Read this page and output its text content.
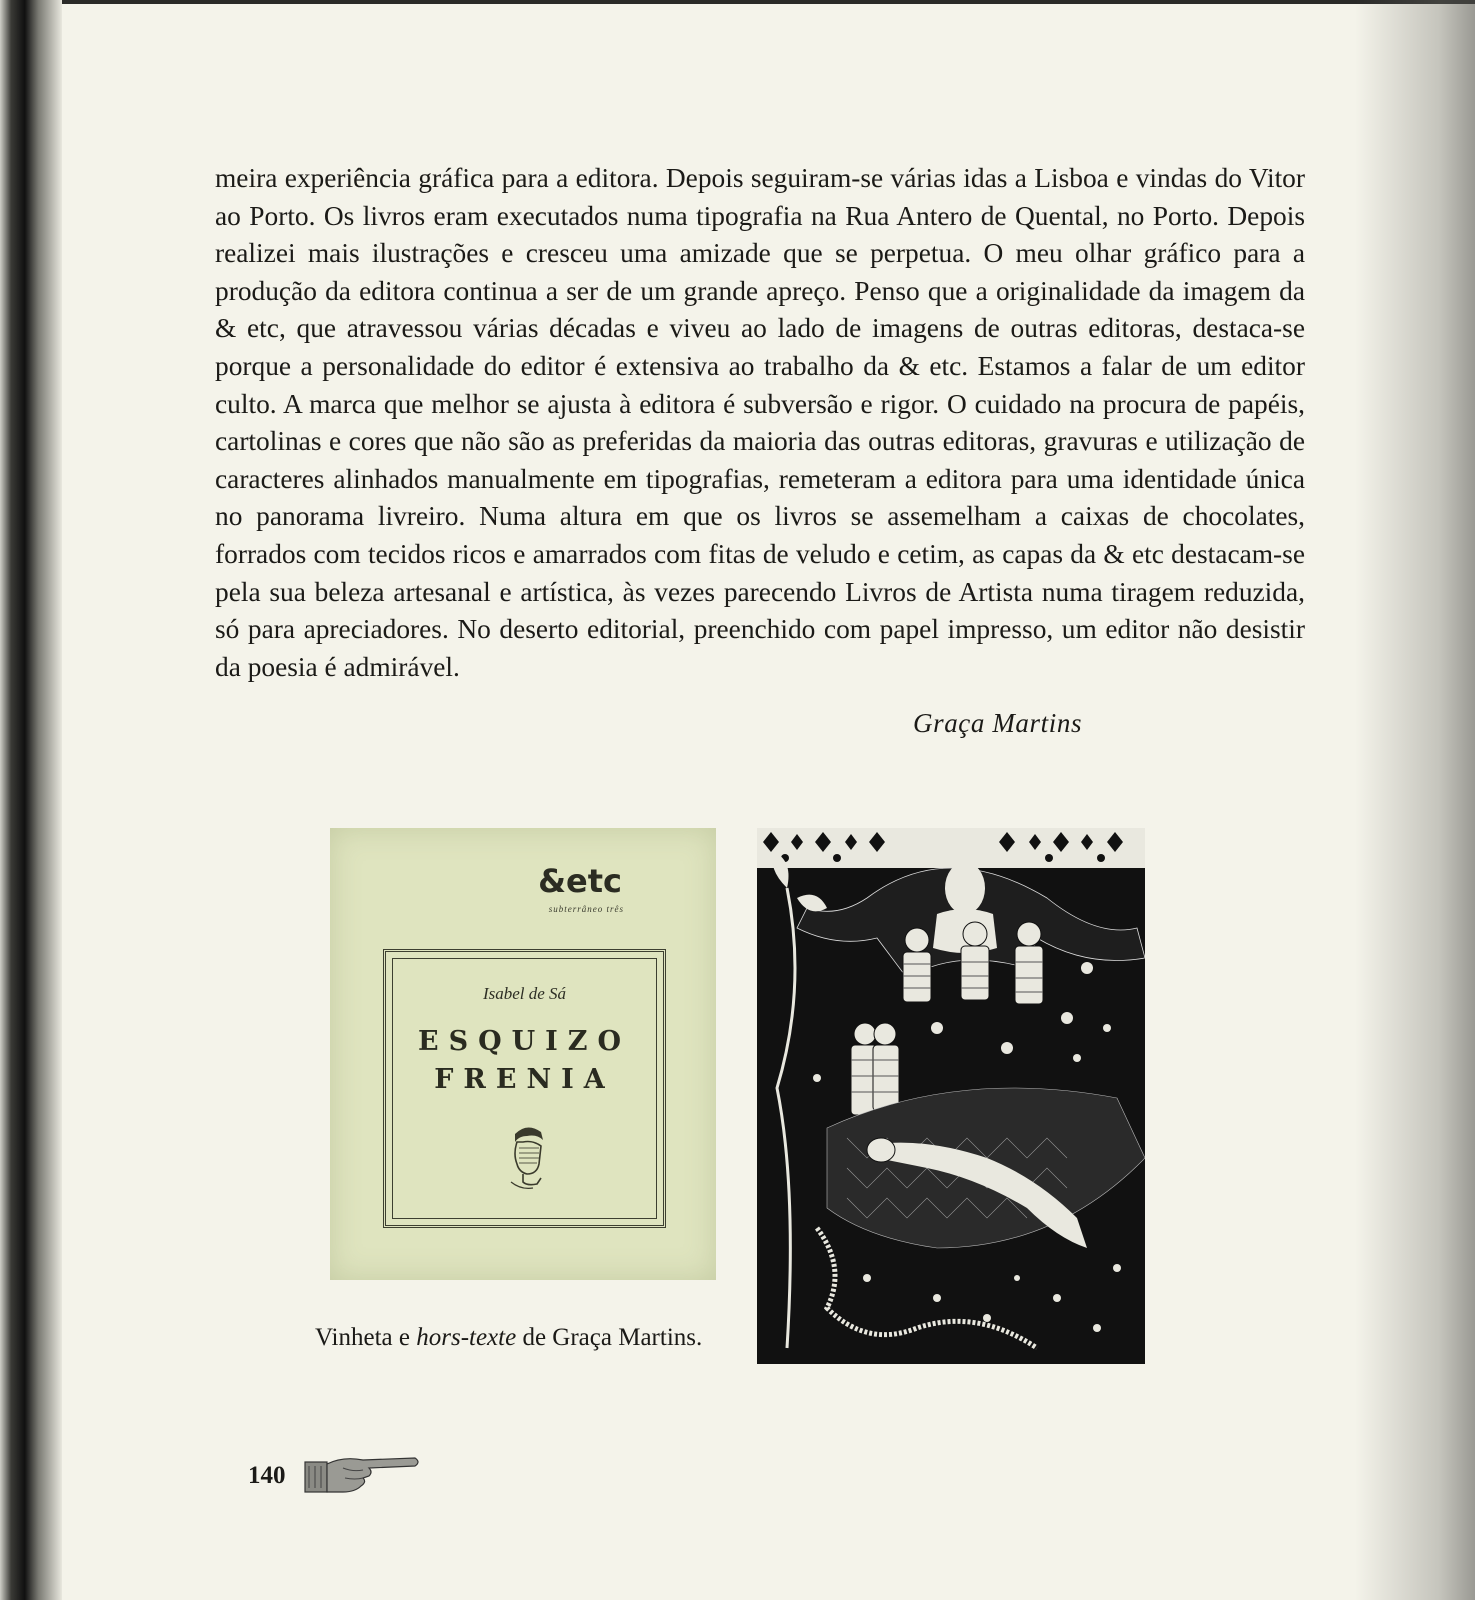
meira experiência gráfica para a editora. Depois seguiram-se várias idas a Lisboa e vindas do Vitor ao Porto. Os livros eram executados numa tipografia na Rua Antero de Quental, no Porto. Depois realizei mais ilustrações e cresceu uma amizade que se perpetua. O meu olhar gráfico para a produção da editora continua a ser de um grande apreço. Penso que a originalidade da imagem da & etc, que atravessou várias décadas e viveu ao lado de imagens de outras editoras, destaca-se porque a personalidade do editor é extensiva ao trabalho da & etc. Estamos a falar de um editor culto. A marca que melhor se ajusta à editora é subversão e rigor. O cuidado na procura de papéis, cartolinas e cores que não são as preferidas da maioria das outras editoras, gravuras e utilização de caracteres alinhados manualmente em tipografias, remeteram a editora para uma identidade única no panorama livreiro. Numa altura em que os livros se assemelham a caixas de chocolates, forrados com tecidos ricos e amarrados com fitas de veludo e cetim, as capas da & etc destacam-se pela sua beleza artesanal e artística, às vezes parecendo Livros de Artista numa tiragem reduzida, só para apreciadores. No deserto editorial, preenchido com papel impresso, um editor não desistir da poesia é admirável.

Graça Martins
&etc
subterrâneo três
Isabel de Sá
ESQUIZO
FRENIA
Vinheta e hors-texte de Graça Martins.
140
